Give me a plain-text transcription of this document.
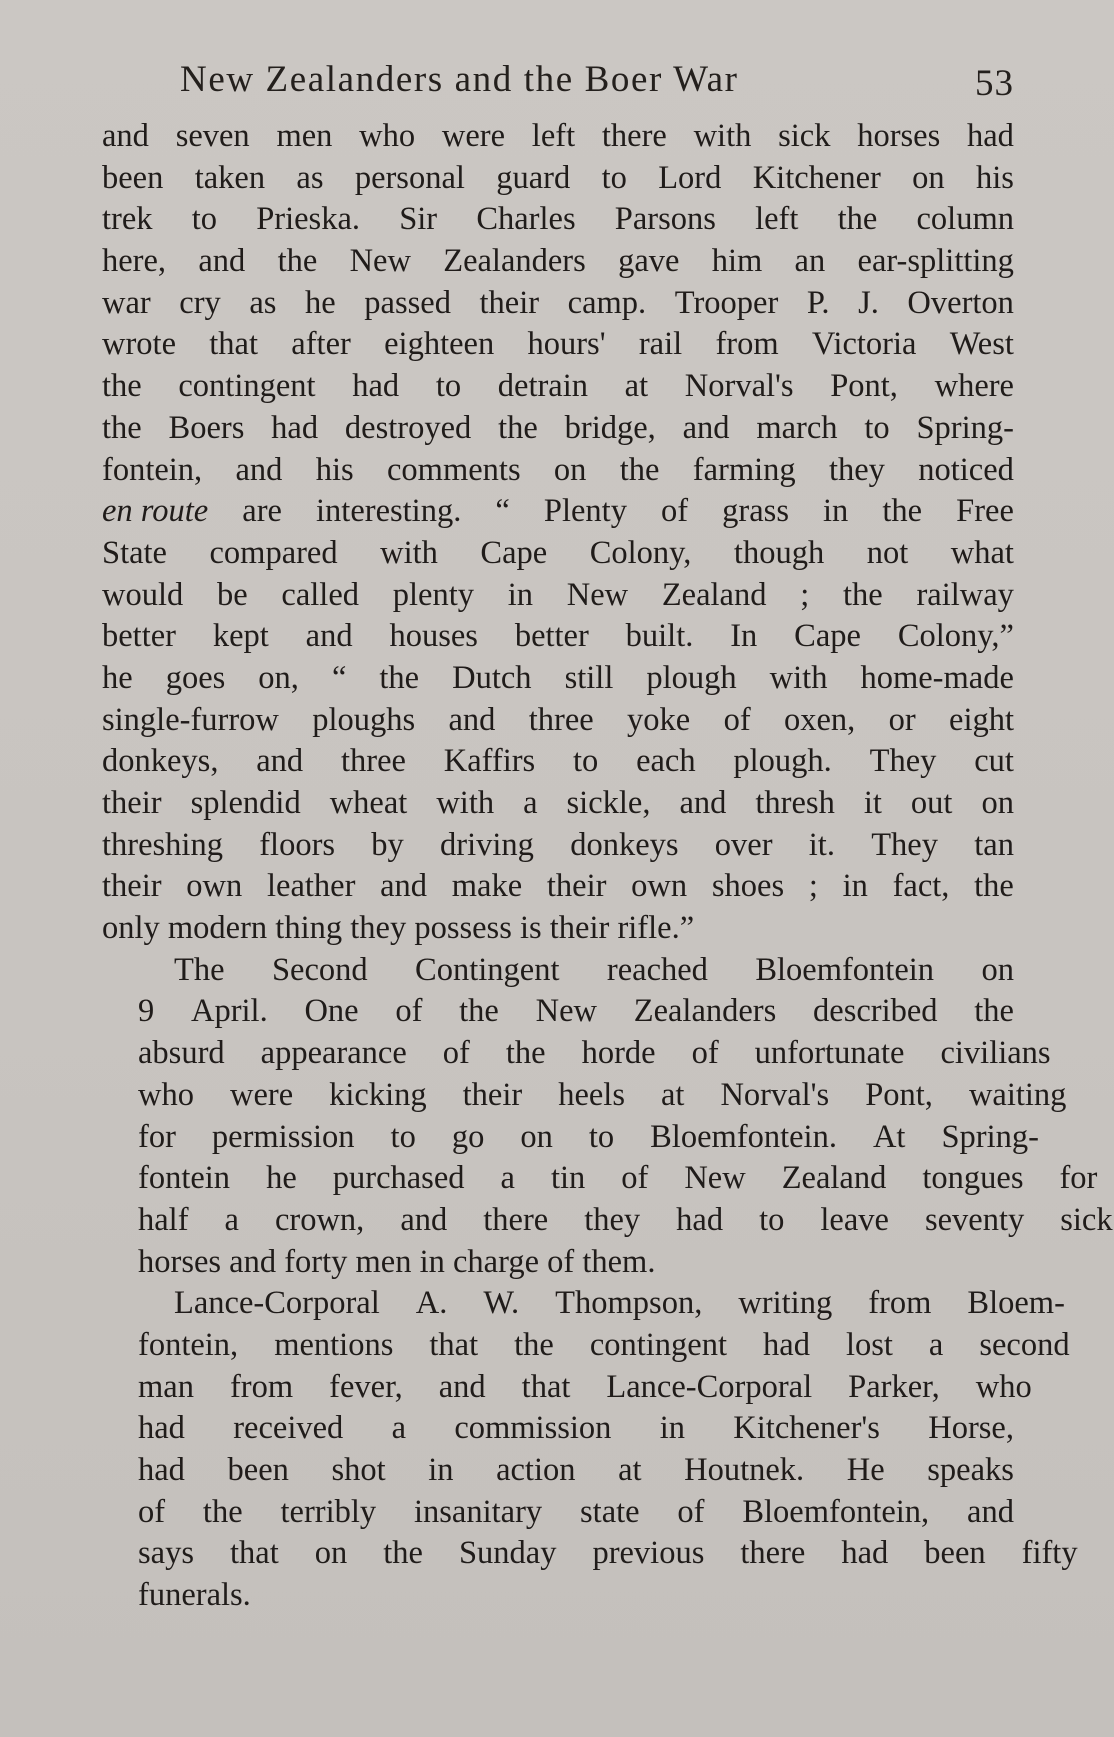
New Zealanders and the Boer War	53
and seven men who were left there with sick horses had
been taken as personal guard to Lord Kitchener on his
trek to Prieska. Sir Charles Parsons left the column
here, and the New Zealanders gave him an ear-splitting
war cry as he passed their camp. Trooper P. J. Overton
wrote that after eighteen hours' rail from Victoria West
the contingent had to detrain at Norval's Pont, where
the Boers had destroyed the bridge, and march to Spring-
fontein, and his comments on the farming they noticed
en route are interesting. “ Plenty of grass in the Free
State compared with Cape Colony, though not what
would be called plenty in New Zealand ; the railway
better kept and houses better built. In Cape Colony,”
he goes on, “ the Dutch still plough with home-made
single-furrow ploughs and three yoke of oxen, or eight
donkeys, and three Kaffirs to each plough. They cut
their splendid wheat with a sickle, and thresh it out on
threshing floors by driving donkeys over it. They tan
their own leather and make their own shoes ; in fact, the
only modern thing they possess is their rifle.”
The	Second	Contingent	reached	Bloemfontein	on
9	April.	One	of	the	New	Zealanders	described	the
absurd	appearance	of	the	horde	of	unfortunate	civilians
who	were	kicking	their	heels	at	Norval's	Pont,	waiting
for	permission	to	go	on	to	Bloemfontein.	At	Spring-
fontein	he	purchased	a	tin	of	New	Zealand	tongues	for
half	a	crown,	and	there	they	had	to	leave	seventy	sick
horses and forty men in charge of them.
Lance-Corporal	A.	W.	Thompson,	writing	from	Bloem-
fontein,	mentions	that	the	contingent	had	lost	a	second
man	from	fever,	and	that	Lance-Corporal	Parker,	who
had	received	a	commission	in	Kitchener's	Horse,
had	been	shot	in	action	at	Houtnek.	He	speaks
of	the	terribly	insanitary	state	of	Bloemfontein,	and
says	that	on	the	Sunday	previous	there	had	been	fifty
funerals.
